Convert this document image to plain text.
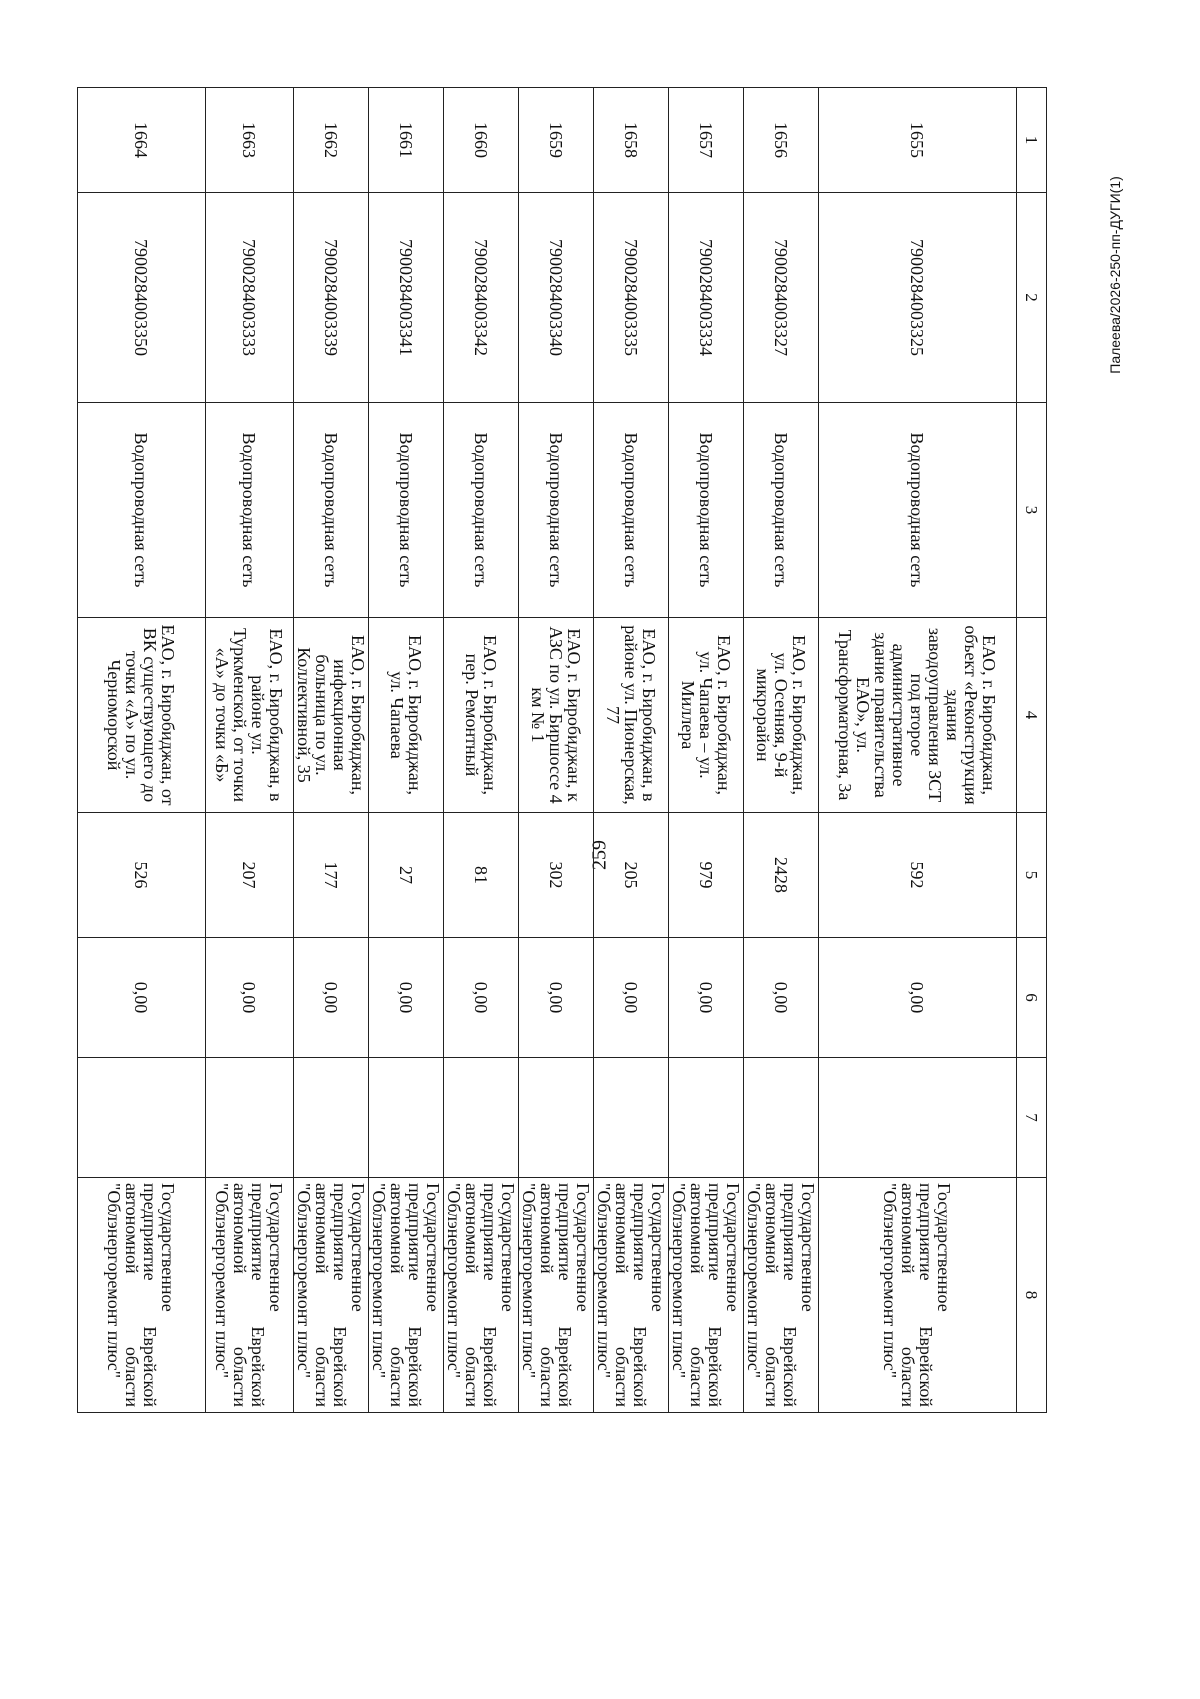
259
Палеева/2026-250-пп-ДУГИ(1)
1	2	3	4	5	6	7	8
1655	7900284003325	Водопроводная сеть	ЕАО, г. Биробиджан, объект «Реконструкция здания заводоуправления ЗСТ под второе административное здание правительства ЕАО», ул. Трансформаторная, 3а	592	0,00		Государственное предприятие Еврейской автономной области "Облэнергоремонт плюс"
1656	7900284003327	Водопроводная сеть	ЕАО, г. Биробиджан, ул. Осенняя, 9-й микрорайон	2428	0,00		Государственное предприятие Еврейской автономной области "Облэнергоремонт плюс"
1657	7900284003334	Водопроводная сеть	ЕАО, г. Биробиджан, ул. Чапаева – ул. Миллера	979	0,00		Государственное предприятие Еврейской автономной области "Облэнергоремонт плюс"
1658	7900284003335	Водопроводная сеть	ЕАО, г. Биробиджан, в районе ул. Пионерская, 77	205	0,00		Государственное предприятие Еврейской автономной области "Облэнергоремонт плюс"
1659	7900284003340	Водопроводная сеть	ЕАО, г. Биробиджан, к АЗС по ул. Биршоссе 4 км № 1	302	0,00		Государственное предприятие Еврейской автономной области "Облэнергоремонт плюс"
1660	7900284003342	Водопроводная сеть	ЕАО, г. Биробиджан, пер. Ремонтный	81	0,00		Государственное предприятие Еврейской автономной области "Облэнергоремонт плюс"
1661	7900284003341	Водопроводная сеть	ЕАО, г. Биробиджан, ул. Чапаева	27	0,00		Государственное предприятие Еврейской автономной области "Облэнергоремонт плюс"
1662	7900284003339	Водопроводная сеть	ЕАО, г. Биробиджан, инфекционная больница по ул. Коллективной, 35	177	0,00		Государственное предприятие Еврейской автономной области "Облэнергоремонт плюс"
1663	7900284003333	Водопроводная сеть	ЕАО, г. Биробиджан, в районе ул. Туркменской, от точки «А» до точки «Б»	207	0,00		Государственное предприятие Еврейской автономной области "Облэнергоремонт плюс"
1664	7900284003350	Водопроводная сеть	ЕАО, г. Биробиджан, от ВК существующего до точки «А» по ул. Черноморской	526	0,00		Государственное предприятие Еврейской автономной области "Облэнергоремонт плюс"
